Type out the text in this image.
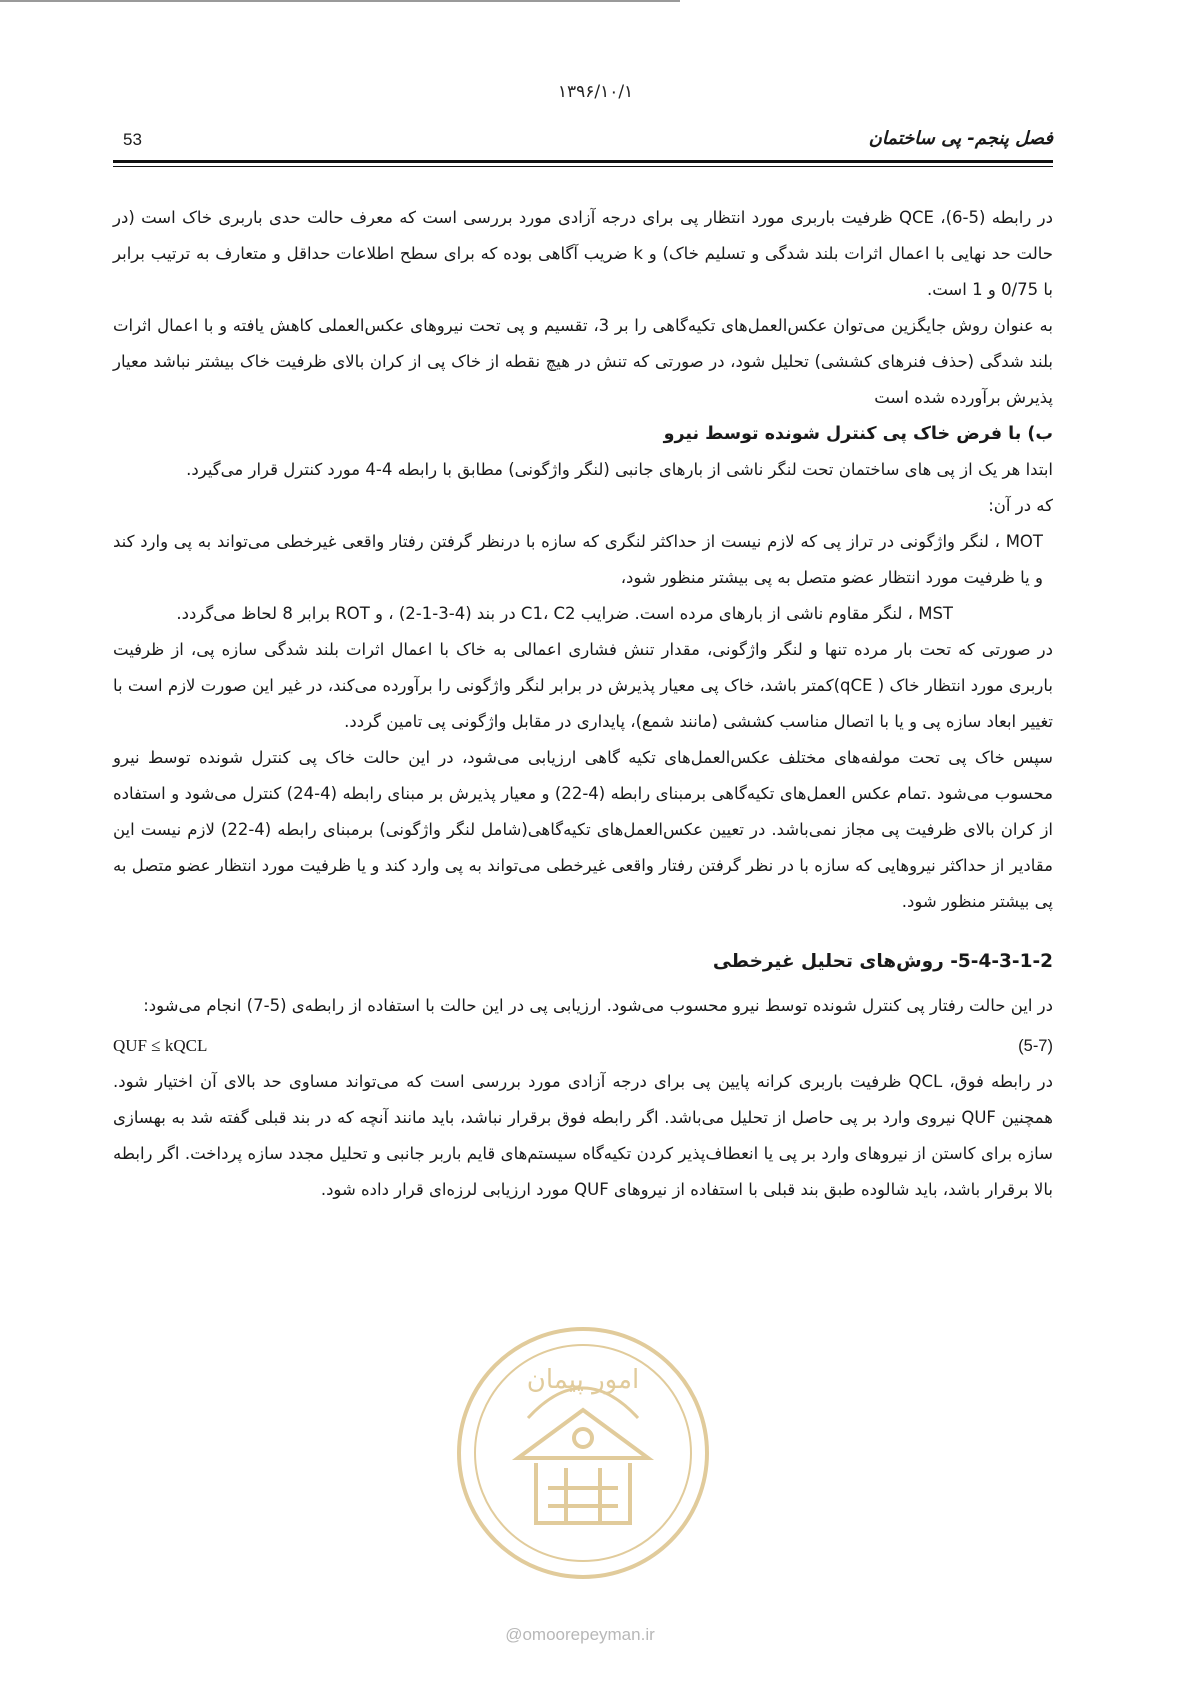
۱۳۹۶/۱۰/۱
53	فصل پنجم- پی ساختمان

در رابطه (5-6)، QCE ظرفیت باربری مورد انتظار پی برای درجه آزادی مورد بررسی است که معرف حالت حدی باربری خاک است (در حالت حد نهایی با اعمال اثرات بلند شدگی و تسلیم خاک) و k ضریب آگاهی بوده که برای سطح اطلاعات حداقل و متعارف به ترتیب برابر با 0/75 و 1 است.

به عنوان روش جایگزین می‌توان عکس‌العمل‌های تکیه‌گاهی را بر 3، تقسیم و پی تحت نیروهای عکس‌العملی کاهش یافته و با اعمال اثرات بلند شدگی (حذف فنرهای کششی) تحلیل شود، در صورتی که تنش در هیچ نقطه از خاک پی از کران بالای ظرفیت خاک بیشتر نباشد معیار پذیرش برآورده شده است

ب) با فرض خاک پی کنترل شونده توسط نیرو

ابتدا هر یک از پی های ساختمان تحت لنگر ناشی از بارهای جانبی (لنگر واژگونی) مطابق با رابطه 4-4 مورد کنترل قرار می‌گیرد.

که در آن:

MOT ، لنگر واژگونی در تراز پی که لازم نیست از حداکثر لنگری که سازه با درنظر گرفتن رفتار واقعی غیرخطی می‌تواند به پی وارد کند و یا ظرفیت مورد انتظار عضو متصل به پی بیشتر منظور شود،

MST ، لنگر مقاوم ناشی از بارهای مرده است. ضرایب C1، C2 در بند (4-3-1-2) ، و ROT برابر 8 لحاظ می‌گردد.

در صورتی که تحت بار مرده تنها و لنگر واژگونی، مقدار تنش فشاری اعمالی به خاک با اعمال اثرات بلند شدگی سازه پی، از ظرفیت باربری مورد انتظار خاک ( qCE)کمتر باشد، خاک پی معیار پذیرش در برابر لنگر واژگونی را برآورده می‌کند، در غیر این صورت لازم است با تغییر ابعاد سازه پی و یا با اتصال مناسب کششی (مانند شمع)، پایداری در مقابل واژگونی پی تامین گردد.

سپس خاک پی تحت مولفه‌های مختلف عکس‌العمل‌های تکیه گاهی ارزیابی می‌شود، در این حالت خاک پی کنترل شونده توسط نیرو محسوب می‌شود .تمام عکس العمل‌های تکیه‌گاهی برمبنای رابطه (4-22) و معیار پذیرش بر مبنای رابطه (4-24) کنترل می‌شود و استفاده از کران بالای ظرفیت پی مجاز نمی‌باشد. در تعیین عکس‌العمل‌های تکیه‌گاهی(شامل لنگر واژگونی) برمبنای رابطه (4-22) لازم نیست این مقادیر از حداکثر نیروهایی که سازه با در نظر گرفتن رفتار واقعی غیرخطی می‌تواند به پی وارد کند و یا ظرفیت مورد انتظار عضو متصل به پی بیشتر منظور شود.

5-4-3-1-2- روش‌های تحلیل غیرخطی

در این حالت رفتار پی کنترل شونده توسط نیرو محسوب می‌شود. ارزیابی پی در این حالت با استفاده از رابطه‌ی (5-7) انجام می‌شود:

(5-7)
QUF ≤ kQCL

در رابطه فوق، QCL ظرفیت باربری کرانه پایین پی برای درجه آزادی مورد بررسی است که می‌تواند مساوی حد بالای آن اختیار شود. همچنین QUF نیروی وارد بر پی حاصل از تحلیل می‌باشد. اگر رابطه فوق برقرار نباشد، باید مانند آنچه که در بند قبلی گفته شد به بهسازی سازه برای کاستن از نیروهای وارد بر پی یا انعطاف‌پذیر کردن تکیه‌گاه سیستم‌های قایم باربر جانبی و تحلیل مجدد سازه پرداخت. اگر رابطه بالا برقرار باشد، باید شالوده طبق بند قبلی با استفاده از نیروهای QUF مورد ارزیابی لرزه‌ای قرار داده شود.

امور پیمان
@omoorepeyman.ir
